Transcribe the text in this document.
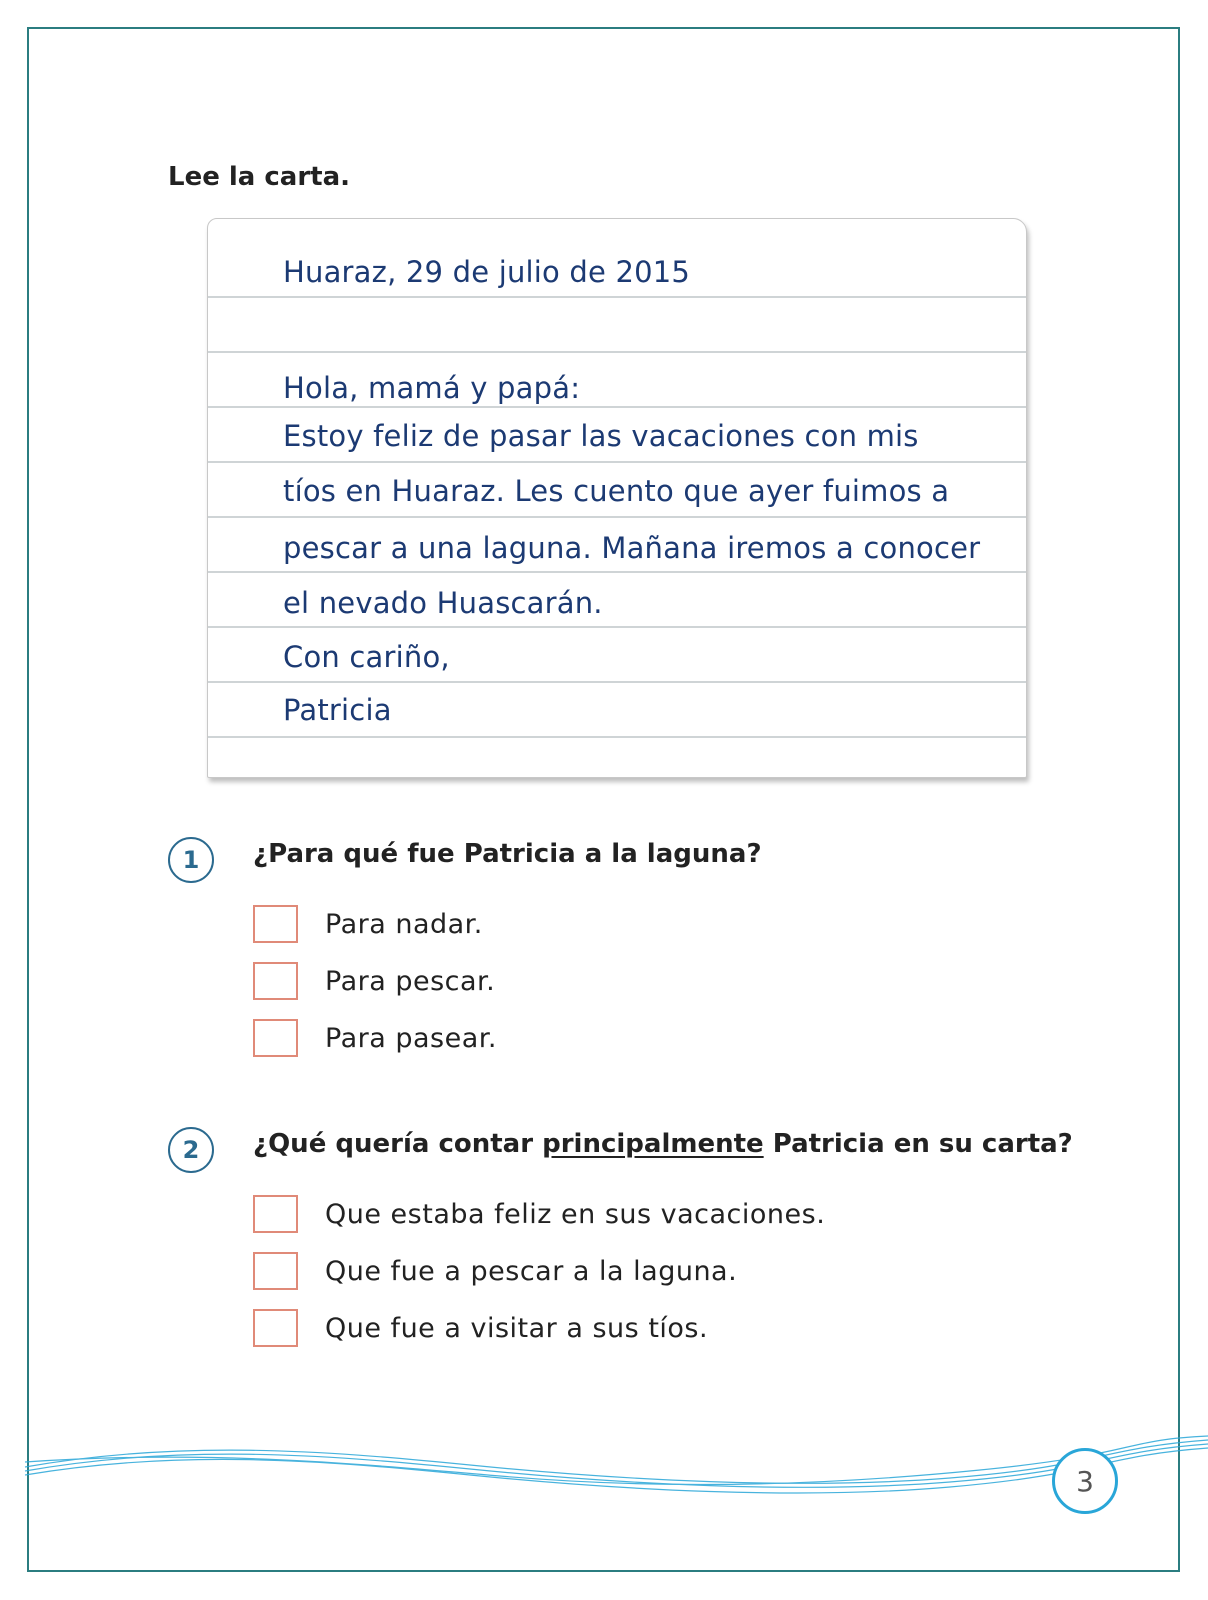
Lee la carta.
Huaraz, 29 de julio de 2015
Hola, mamá y papá:
Estoy feliz de pasar las vacaciones con mis
tíos en Huaraz. Les cuento que ayer fuimos a
pescar a una laguna. Mañana iremos a conocer
el nevado Huascarán.
Con cariño,
Patricia
1	¿Para qué fue Patricia a la laguna?
Para nadar.
Para pescar.
Para pasear.
2	¿Qué quería contar principalmente Patricia en su carta?
Que estaba feliz en sus vacaciones.
Que fue a pescar a la laguna.
Que fue a visitar a sus tíos.
3
